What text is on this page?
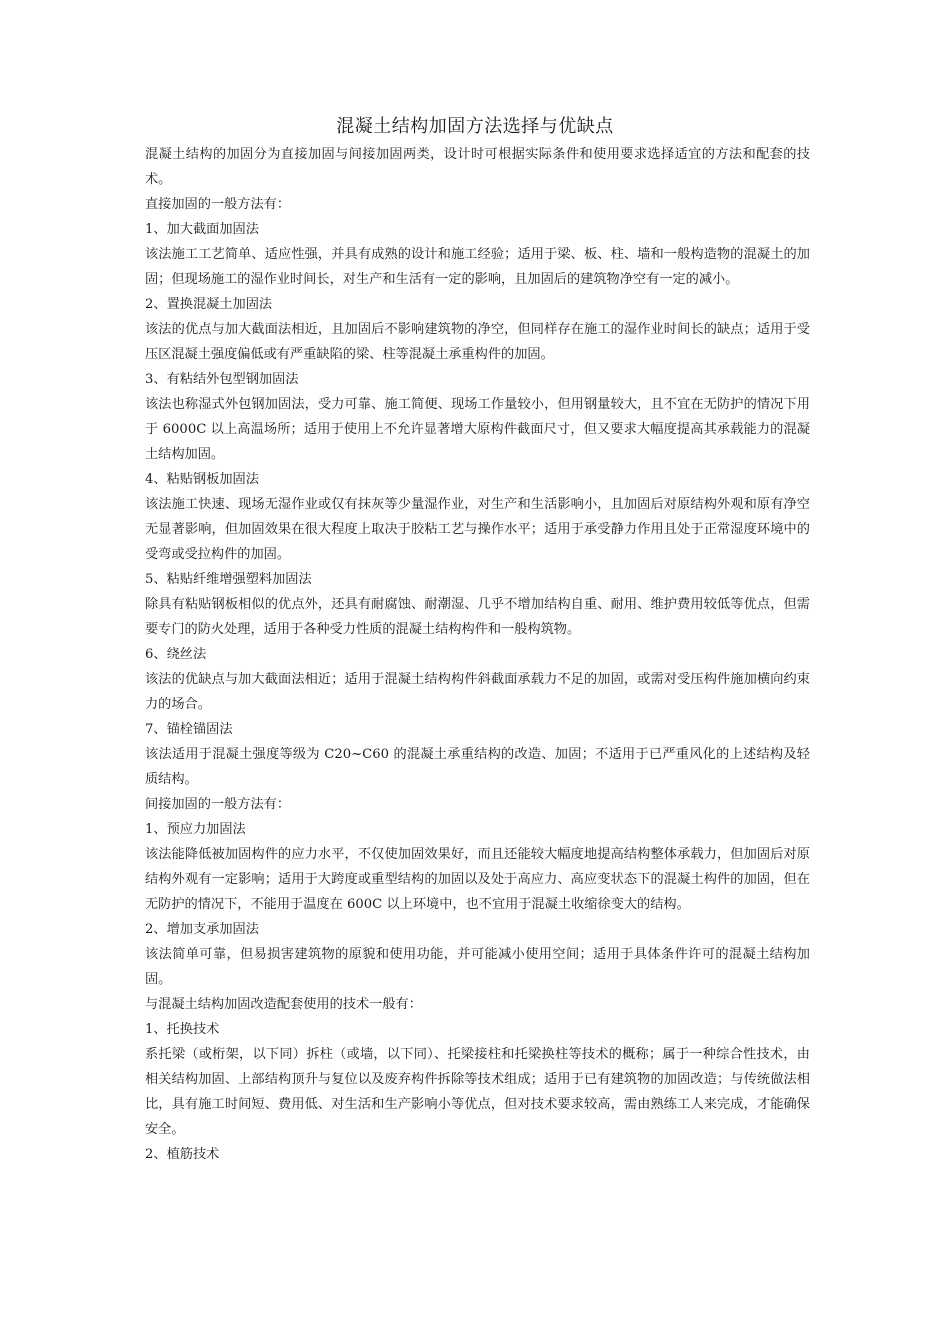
混凝土结构加固方法选择与优缺点

混凝土结构的加固分为直接加固与间接加固两类，设计时可根据实际条件和使用要求选择适宜的方法和配套的技术。

直接加固的一般方法有：

1、加大截面加固法

该法施工工艺简单、适应性强，并具有成熟的设计和施工经验；适用于梁、板、柱、墙和一般构造物的混凝土的加固；但现场施工的湿作业时间长，对生产和生活有一定的影响，且加固后的建筑物净空有一定的减小。

2、置换混凝土加固法

该法的优点与加大截面法相近，且加固后不影响建筑物的净空，但同样存在施工的湿作业时间长的缺点；适用于受压区混凝土强度偏低或有严重缺陷的梁、柱等混凝土承重构件的加固。

3、有粘结外包型钢加固法

该法也称湿式外包钢加固法，受力可靠、施工简便、现场工作量较小，但用钢量较大，且不宜在无防护的情况下用于 6000C 以上高温场所；适用于使用上不允许显著增大原构件截面尺寸，但又要求大幅度提高其承载能力的混凝土结构加固。

4、粘贴钢板加固法

该法施工快速、现场无湿作业或仅有抹灰等少量湿作业，对生产和生活影响小，且加固后对原结构外观和原有净空无显著影响，但加固效果在很大程度上取决于胶粘工艺与操作水平；适用于承受静力作用且处于正常湿度环境中的受弯或受拉构件的加固。

5、粘贴纤维增强塑料加固法

除具有粘贴钢板相似的优点外，还具有耐腐蚀、耐潮湿、几乎不增加结构自重、耐用、维护费用较低等优点，但需要专门的防火处理，适用于各种受力性质的混凝土结构构件和一般构筑物。

6、绕丝法

该法的优缺点与加大截面法相近；适用于混凝土结构构件斜截面承载力不足的加固，或需对受压构件施加横向约束力的场合。

7、锚栓锚固法

该法适用于混凝土强度等级为 C20~C60 的混凝土承重结构的改造、加固；不适用于已严重风化的上述结构及轻质结构。

间接加固的一般方法有：

1、预应力加固法

该法能降低被加固构件的应力水平，不仅使加固效果好，而且还能较大幅度地提高结构整体承载力，但加固后对原结构外观有一定影响；适用于大跨度或重型结构的加固以及处于高应力、高应变状态下的混凝土构件的加固，但在无防护的情况下，不能用于温度在 600C 以上环境中，也不宜用于混凝土收缩徐变大的结构。

2、增加支承加固法

该法简单可靠，但易损害建筑物的原貌和使用功能，并可能减小使用空间；适用于具体条件许可的混凝土结构加固。

与混凝土结构加固改造配套使用的技术一般有：

1、托换技术

系托梁（或桁架，以下同）拆柱（或墙，以下同）、托梁接柱和托梁换柱等技术的概称；属于一种综合性技术，由相关结构加固、上部结构顶升与复位以及废弃构件拆除等技术组成；适用于已有建筑物的加固改造；与传统做法相比，具有施工时间短、费用低、对生活和生产影响小等优点，但对技术要求较高，需由熟练工人来完成，才能确保安全。

2、植筋技术
